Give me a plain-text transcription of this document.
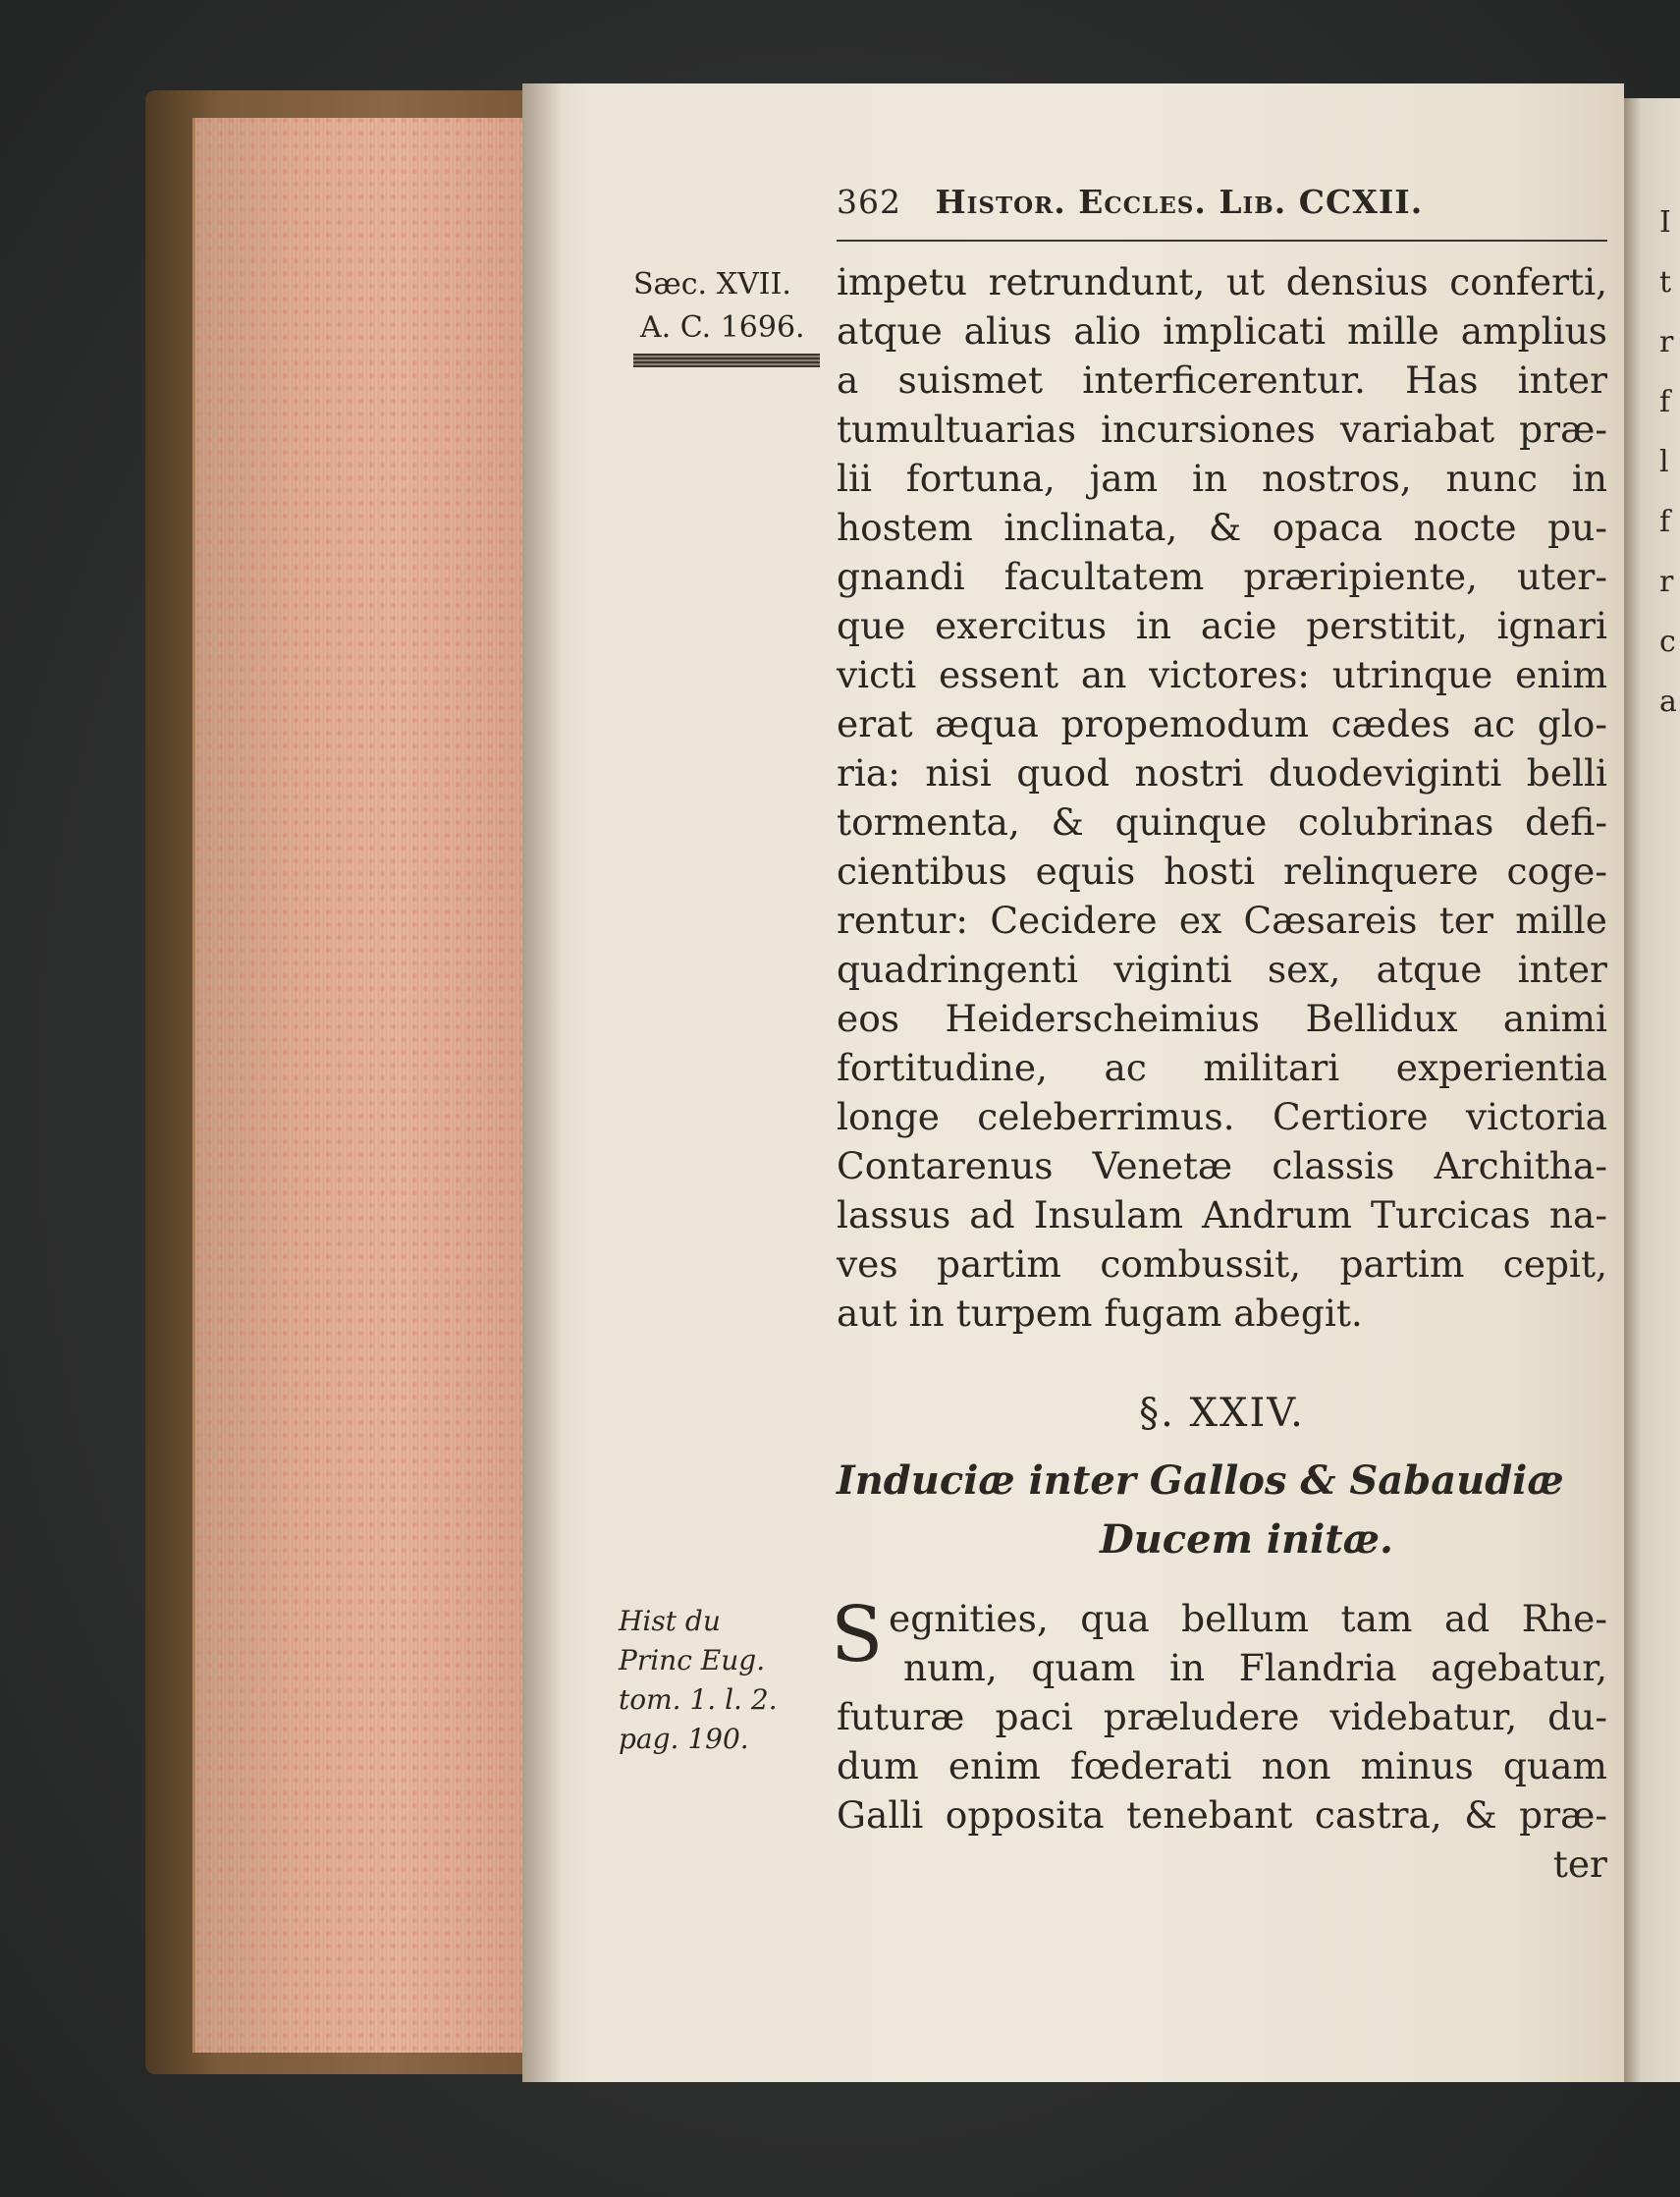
I
t
r
f
l
f
r
c
a
362 Histor. Eccles. Lib. CCXII.
Sæc. XVII.
A. C. 1696.
impetu retrundunt, ut densius conferti,
atque alius alio implicati mille amplius
a suismet interficerentur. Has inter
tumultuarias incursiones variabat præ-
lii fortuna, jam in nostros, nunc in
hostem inclinata, & opaca nocte pu-
gnandi facultatem præripiente, uter-
que exercitus in acie perstitit, ignari
victi essent an victores: utrinque enim
erat æqua propemodum cædes ac glo-
ria: nisi quod nostri duodeviginti belli
tormenta, & quinque colubrinas defi-
cientibus equis hosti relinquere coge-
rentur: Cecidere ex Cæsareis ter mille
quadringenti viginti sex, atque inter
eos Heiderscheimius Bellidux animi
fortitudine, ac militari experientia
longe celeberrimus. Certiore victoria
Contarenus Venetæ classis Architha-
lassus ad Insulam Andrum Turcicas na-
ves partim combussit, partim cepit,
aut in turpem fugam abegit.
§. XXIV.
Induciæ inter Gallos & Sabaudiæ
Ducem initæ.
Hist du
Princ Eug.
tom. 1. l. 2.
pag. 190.
S egnities, qua bellum tam ad Rhe-
num, quam in Flandria agebatur,
futuræ paci præludere videbatur, du-
dum enim fœderati non minus quam
Galli opposita tenebant castra, & præ-
ter
